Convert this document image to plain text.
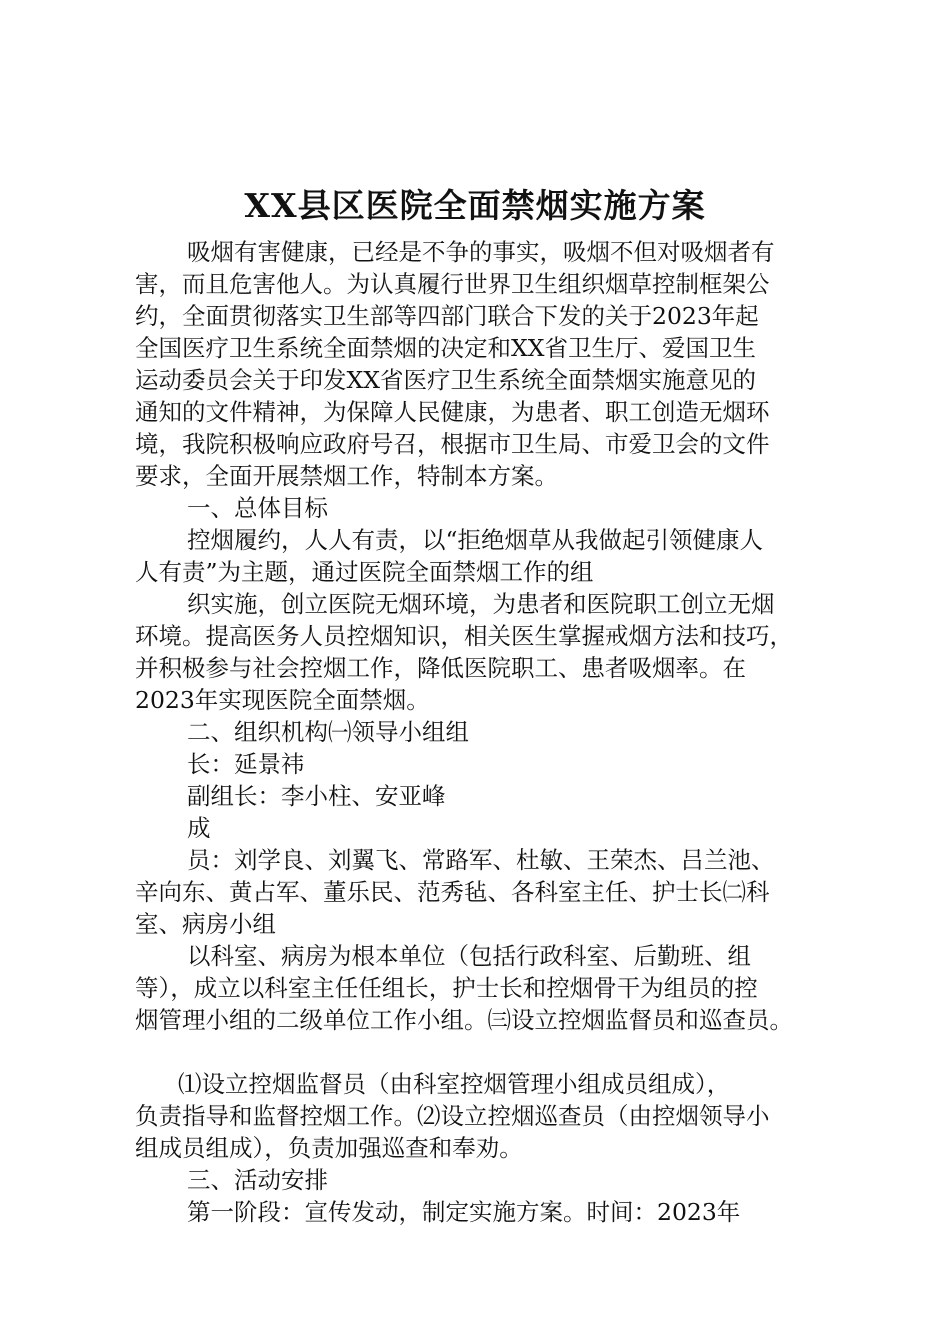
XX县区医院全面禁烟实施方案
吸烟有害健康，已经是不争的事实，吸烟不但对吸烟者有
害，而且危害他人。为认真履行世界卫生组织烟草控制框架公
约，全面贯彻落实卫生部等四部门联合下发的关于2023年起
全国医疗卫生系统全面禁烟的决定和XX省卫生厅、爱国卫生
运动委员会关于印发XX省医疗卫生系统全面禁烟实施意见的
通知的文件精神，为保障人民健康，为患者、职工创造无烟环
境，我院积极响应政府号召，根据市卫生局、市爱卫会的文件
要求，全面开展禁烟工作，特制本方案。
一、总体目标
控烟履约，人人有责，以“拒绝烟草从我做起引领健康人
人有责”为主题，通过医院全面禁烟工作的组
织实施，创立医院无烟环境，为患者和医院职工创立无烟
环境。提高医务人员控烟知识，相关医生掌握戒烟方法和技巧，
并积极参与社会控烟工作，降低医院职工、患者吸烟率。在
2023年实现医院全面禁烟。
二、组织机构㈠领导小组组
长：延景祎
副组长：李小柱、安亚峰
成
员：刘学良、刘翼飞、常路军、杜敏、王荣杰、吕兰池、
辛向东、黄占军、董乐民、范秀毡、各科室主任、护士长㈡科
室、病房小组
以科室、病房为根本单位（包括行政科室、后勤班、组
等），成立以科室主任任组长，护士长和控烟骨干为组员的控
烟管理小组的二级单位工作小组。㈢设立控烟监督员和巡查员。
⑴设立控烟监督员（由科室控烟管理小组成员组成），
负责指导和监督控烟工作。⑵设立控烟巡查员（由控烟领导小
组成员组成），负责加强巡查和奉劝。
三、活动安排
第一阶段：宣传发动，制定实施方案。时间：2023年
